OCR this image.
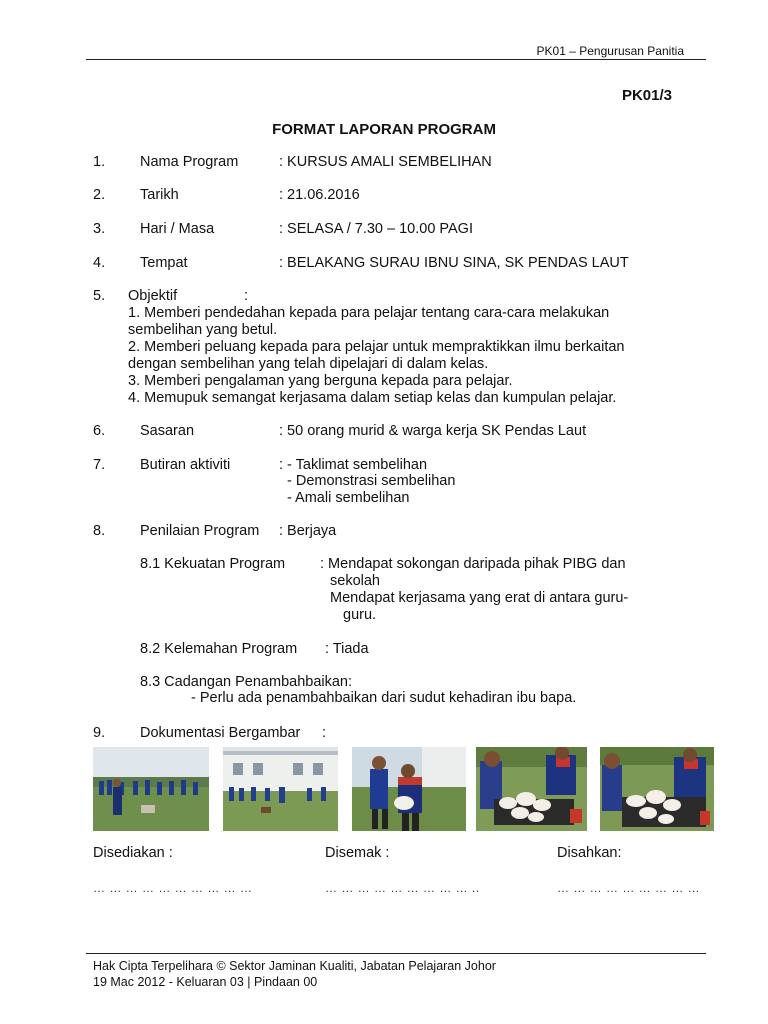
PK01 – Pengurusan Panitia
PK01/3
FORMAT LAPORAN PROGRAM
1. Nama Program	: KURSUS AMALI SEMBELIHAN
2. Tarikh	: 21.06.2016
3. Hari / Masa	: SELASA / 7.30 – 10.00 PAGI
4. Tempat	: BELAKANG SURAU IBNU SINA, SK PENDAS LAUT
5. Objektif	:
1. Memberi pendedahan kepada para pelajar tentang cara-cara melakukan
sembelihan yang betul.
2. Memberi peluang kepada para pelajar untuk mempraktikkan ilmu berkaitan
dengan sembelihan yang telah dipelajari di dalam kelas.
3. Memberi pengalaman yang berguna kepada para pelajar.
4. Memupuk semangat kerjasama dalam setiap kelas dan kumpulan pelajar.
6. Sasaran	: 50 orang murid & warga kerja SK Pendas Laut
7. Butiran aktiviti	: - Taklimat sembelihan
- Demonstrasi sembelihan
- Amali sembelihan
8. Penilaian Program : Berjaya
8.1 Kekuatan Program : Mendapat sokongan daripada pihak PIBG dan
sekolah
Mendapat kerjasama yang erat di antara guru-
guru.
8.2 Kelemahan Program : Tiada
8.3 Cadangan Penambahbaikan:
- Perlu ada penambahbaikan dari sudut kehadiran ibu bapa.
9. Dokumentasi Bergambar :
Disediakan :	Disemak :	Disahkan:
… … … … … … … … … …	… … … … … … … … … ..	… … … … … … … … …
Hak Cipta Terpelihara © Sektor Jaminan Kualiti, Jabatan Pelajaran Johor
19 Mac 2012 - Keluaran 03 | Pindaan 00
